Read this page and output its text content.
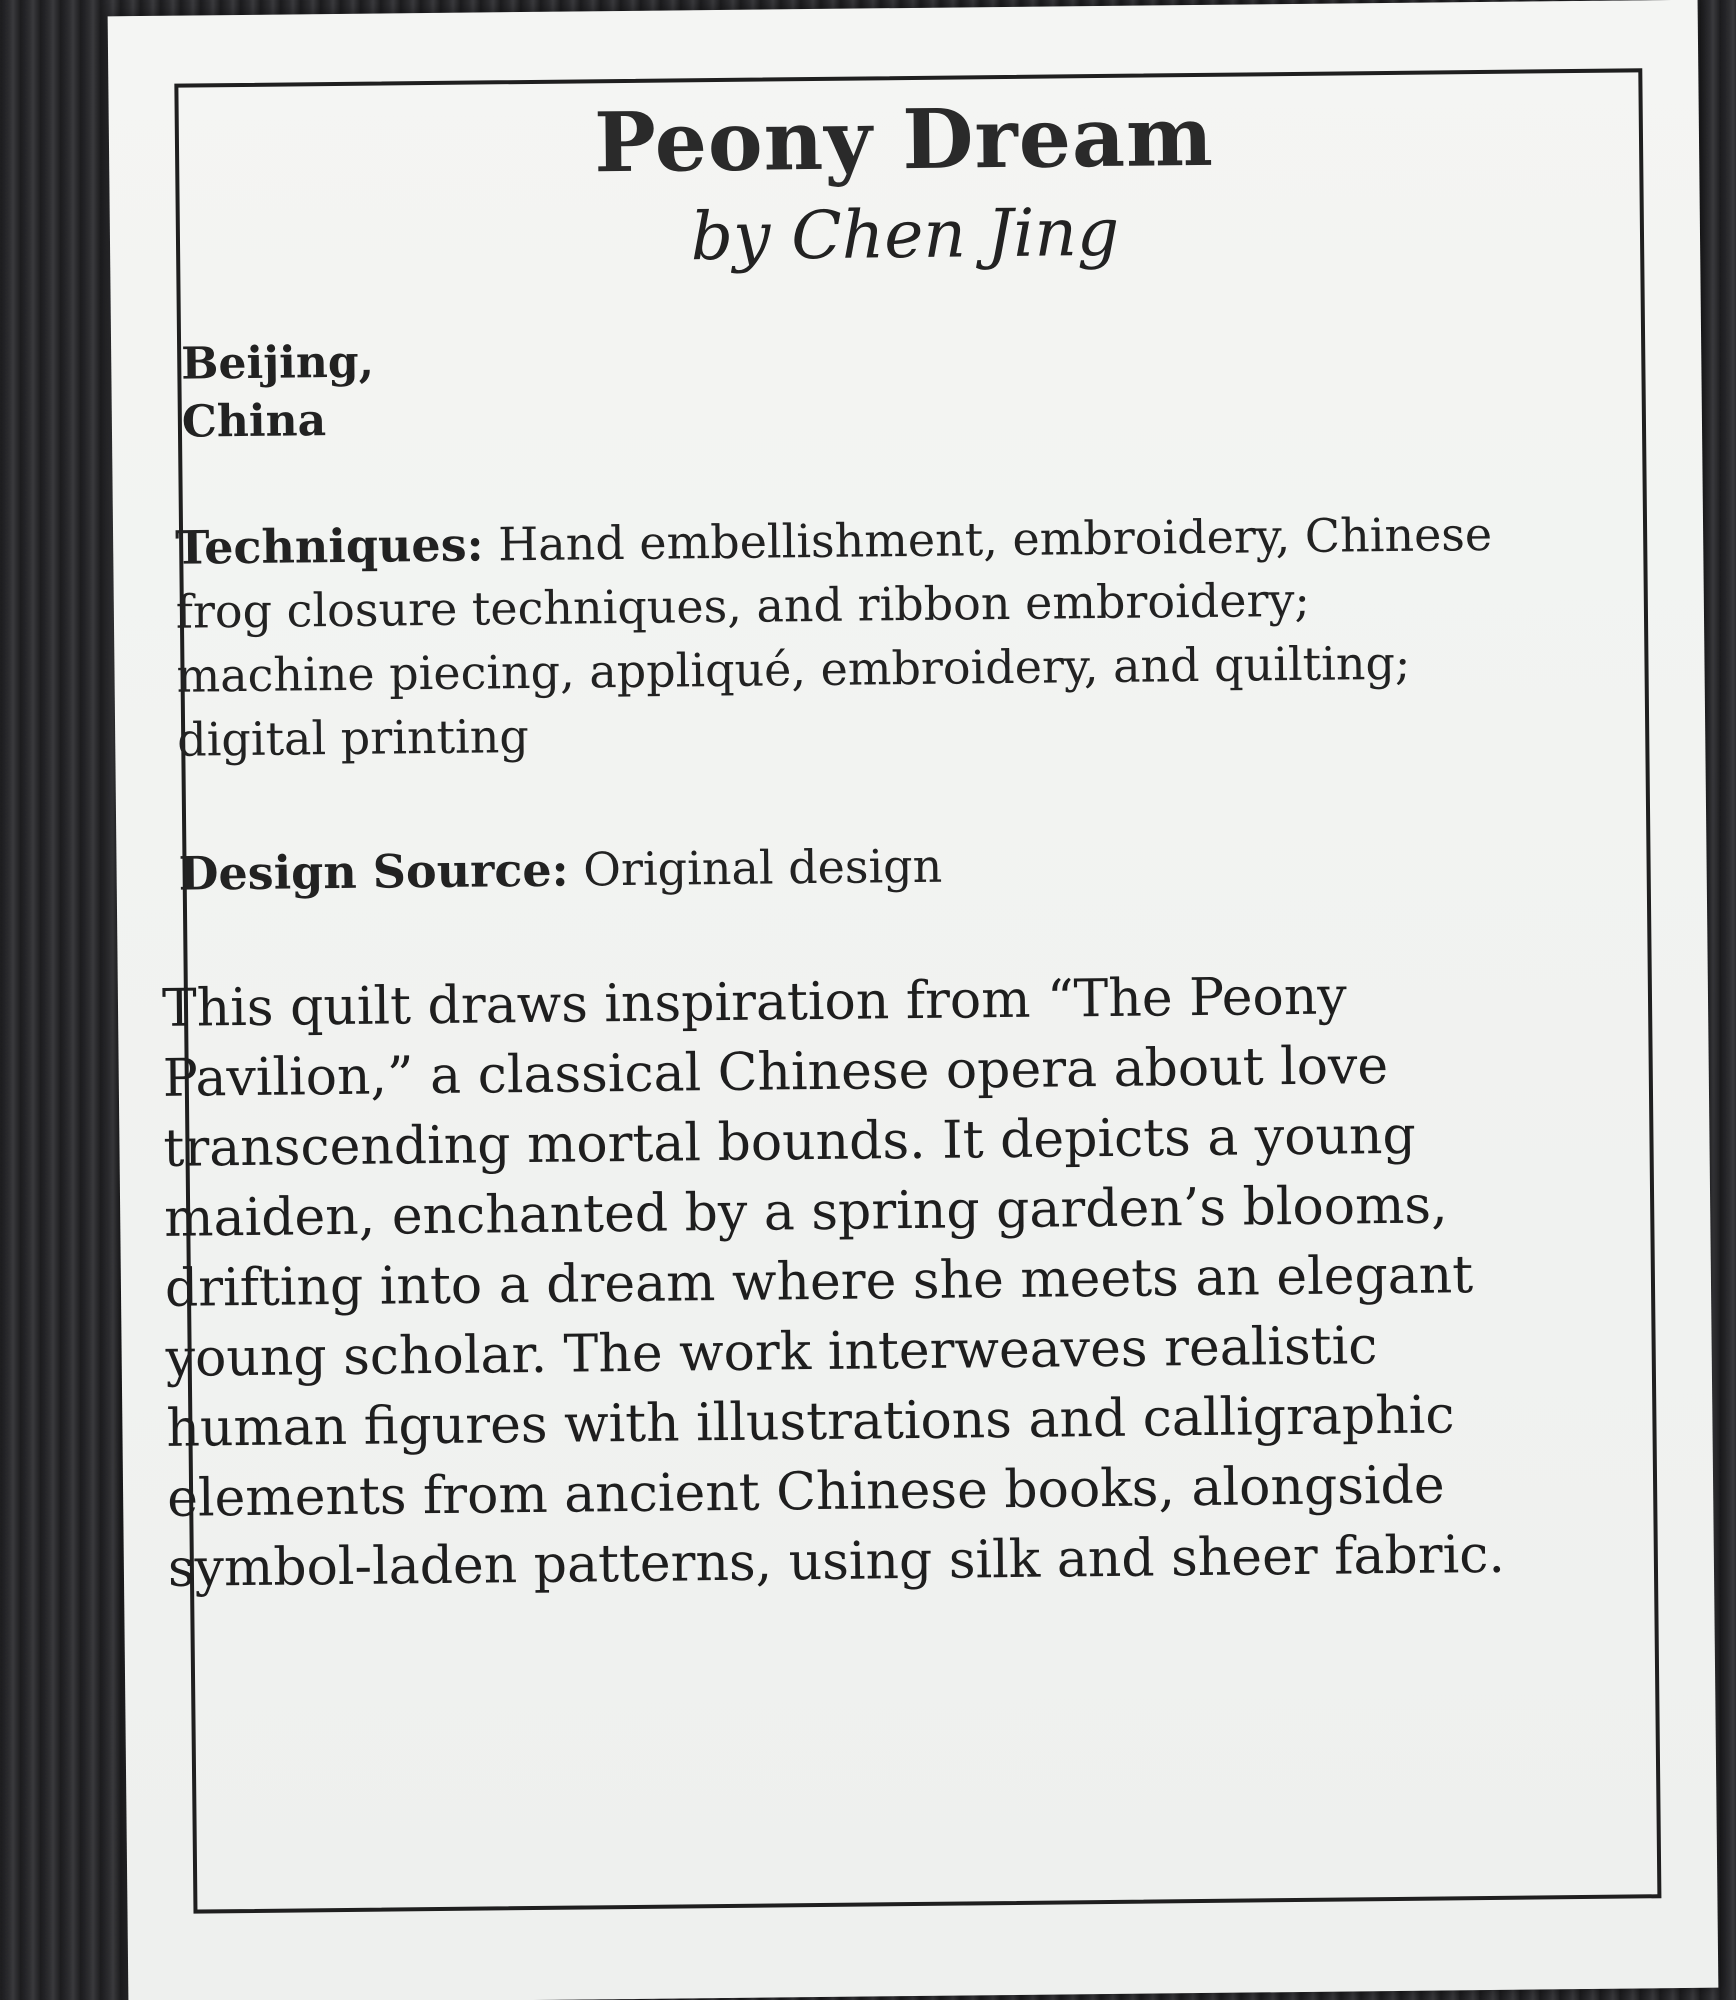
Peony Dream
by Chen Jing
Beijing,
China
Techniques: Hand embellishment, embroidery, Chinese frog closure techniques, and ribbon embroidery; machine piecing, appliqué, embroidery, and quilting; digital printing
Design Source: Original design
This quilt draws inspiration from “The Peony Pavilion,” a classical Chinese opera about love transcending mortal bounds. It depicts a young maiden, enchanted by a spring garden’s blooms, drifting into a dream where she meets an elegant young scholar. The work interweaves realistic human figures with illustrations and calligraphic elements from ancient Chinese books, alongside symbol-laden patterns, using silk and sheer fabric.
